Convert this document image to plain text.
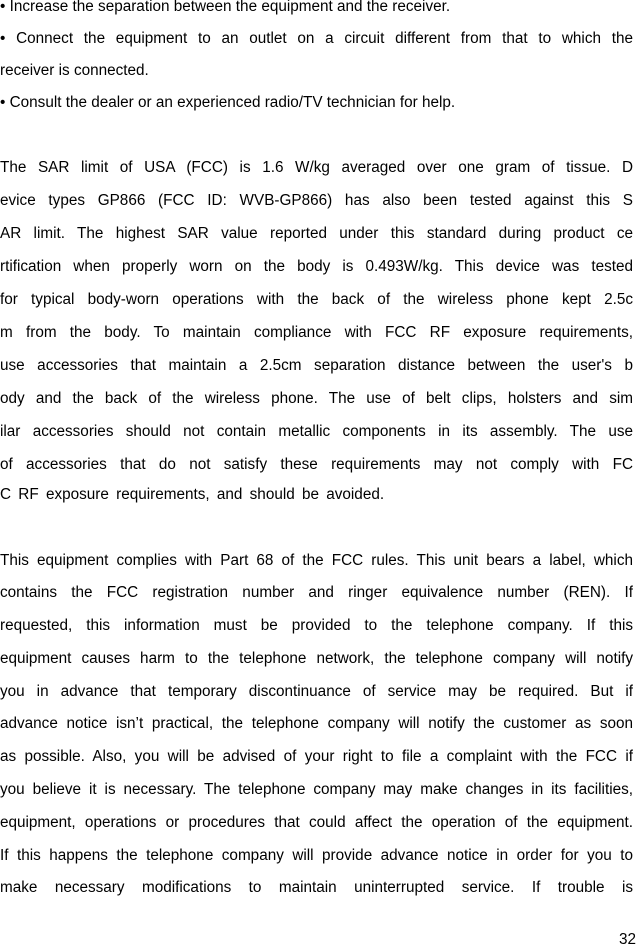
• Increase the separation between the equipment and the receiver.
• Connect the equipment to an outlet on a circuit different from that to which the
receiver is connected.
• Consult the dealer or an experienced radio/TV technician for help.
The SAR limit of USA (FCC) is 1.6 W/kg averaged over one gram of tissue. D
evice types GP866 (FCC ID: WVB-GP866) has also been tested against this S
AR limit. The highest SAR value reported under this standard during product ce
rtification when properly worn on the body is 0.493W/kg. This device was tested
for typical body-worn operations with the back of the wireless phone kept 2.5c
m from the body. To maintain compliance with FCC RF exposure requirements,
use accessories that maintain a 2.5cm separation distance between the user's b
ody and the back of the wireless phone. The use of belt clips, holsters and sim
ilar accessories should not contain metallic components in its assembly. The use
of accessories that do not satisfy these requirements may not comply with FC
C RF exposure requirements, and should be avoided.
This equipment complies with Part 68 of the FCC rules. This unit bears a label, which
contains the FCC registration number and ringer equivalence number (REN). If
requested, this information must be provided to the telephone company. If this
equipment causes harm to the telephone network, the telephone company will notify
you in advance that temporary discontinuance of service may be required. But if
advance notice isn’t practical, the telephone company will notify the customer as soon
as possible. Also, you will be advised of your right to file a complaint with the FCC if
you believe it is necessary. The telephone company may make changes in its facilities,
equipment, operations or procedures that could affect the operation of the equipment.
If this happens the telephone company will provide advance notice in order for you to
make necessary modifications to maintain uninterrupted service. If trouble is
32
